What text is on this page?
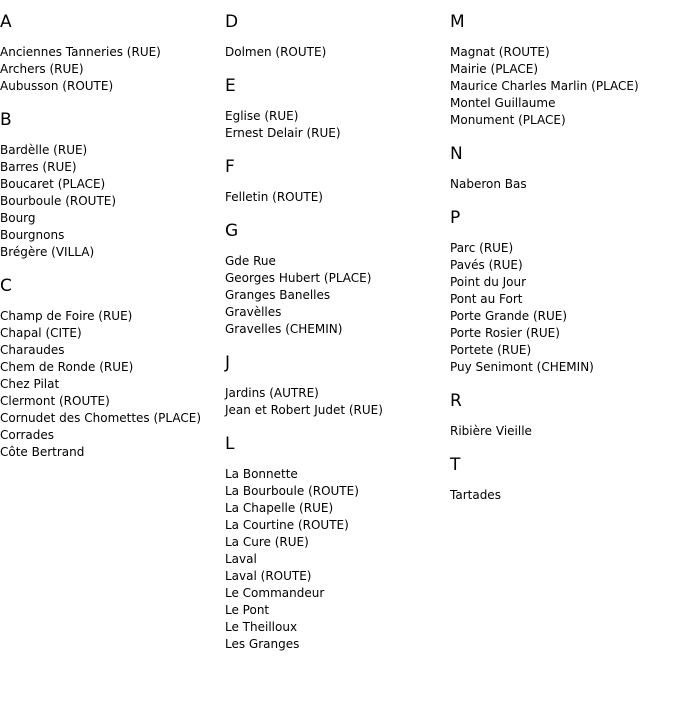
A
Anciennes Tanneries (RUE)
Archers (RUE)
Aubusson (ROUTE)
B
Bardèlle (RUE)
Barres (RUE)
Boucaret (PLACE)
Bourboule (ROUTE)
Bourg
Bourgnons
Brégère (VILLA)
C
Champ de Foire (RUE)
Chapal (CITE)
Charaudes
Chem de Ronde (RUE)
Chez Pilat
Clermont (ROUTE)
Cornudet des Chomettes (PLACE)
Corrades
Côte Bertrand
D
Dolmen (ROUTE)
E
Eglise (RUE)
Ernest Delair (RUE)
F
Felletin (ROUTE)
G
Gde Rue
Georges Hubert (PLACE)
Granges Banelles
Gravèlles
Gravelles (CHEMIN)
J
Jardins (AUTRE)
Jean et Robert Judet (RUE)
L
La Bonnette
La Bourboule (ROUTE)
La Chapelle (RUE)
La Courtine (ROUTE)
La Cure (RUE)
Laval
Laval (ROUTE)
Le Commandeur
Le Pont
Le Theilloux
Les Granges
M
Magnat (ROUTE)
Mairie (PLACE)
Maurice Charles Marlin (PLACE)
Montel Guillaume
Monument (PLACE)
N
Naberon Bas
P
Parc (RUE)
Pavés (RUE)
Point du Jour
Pont au Fort
Porte Grande (RUE)
Porte Rosier (RUE)
Portete (RUE)
Puy Senimont (CHEMIN)
R
Ribière Vieille
T
Tartades
